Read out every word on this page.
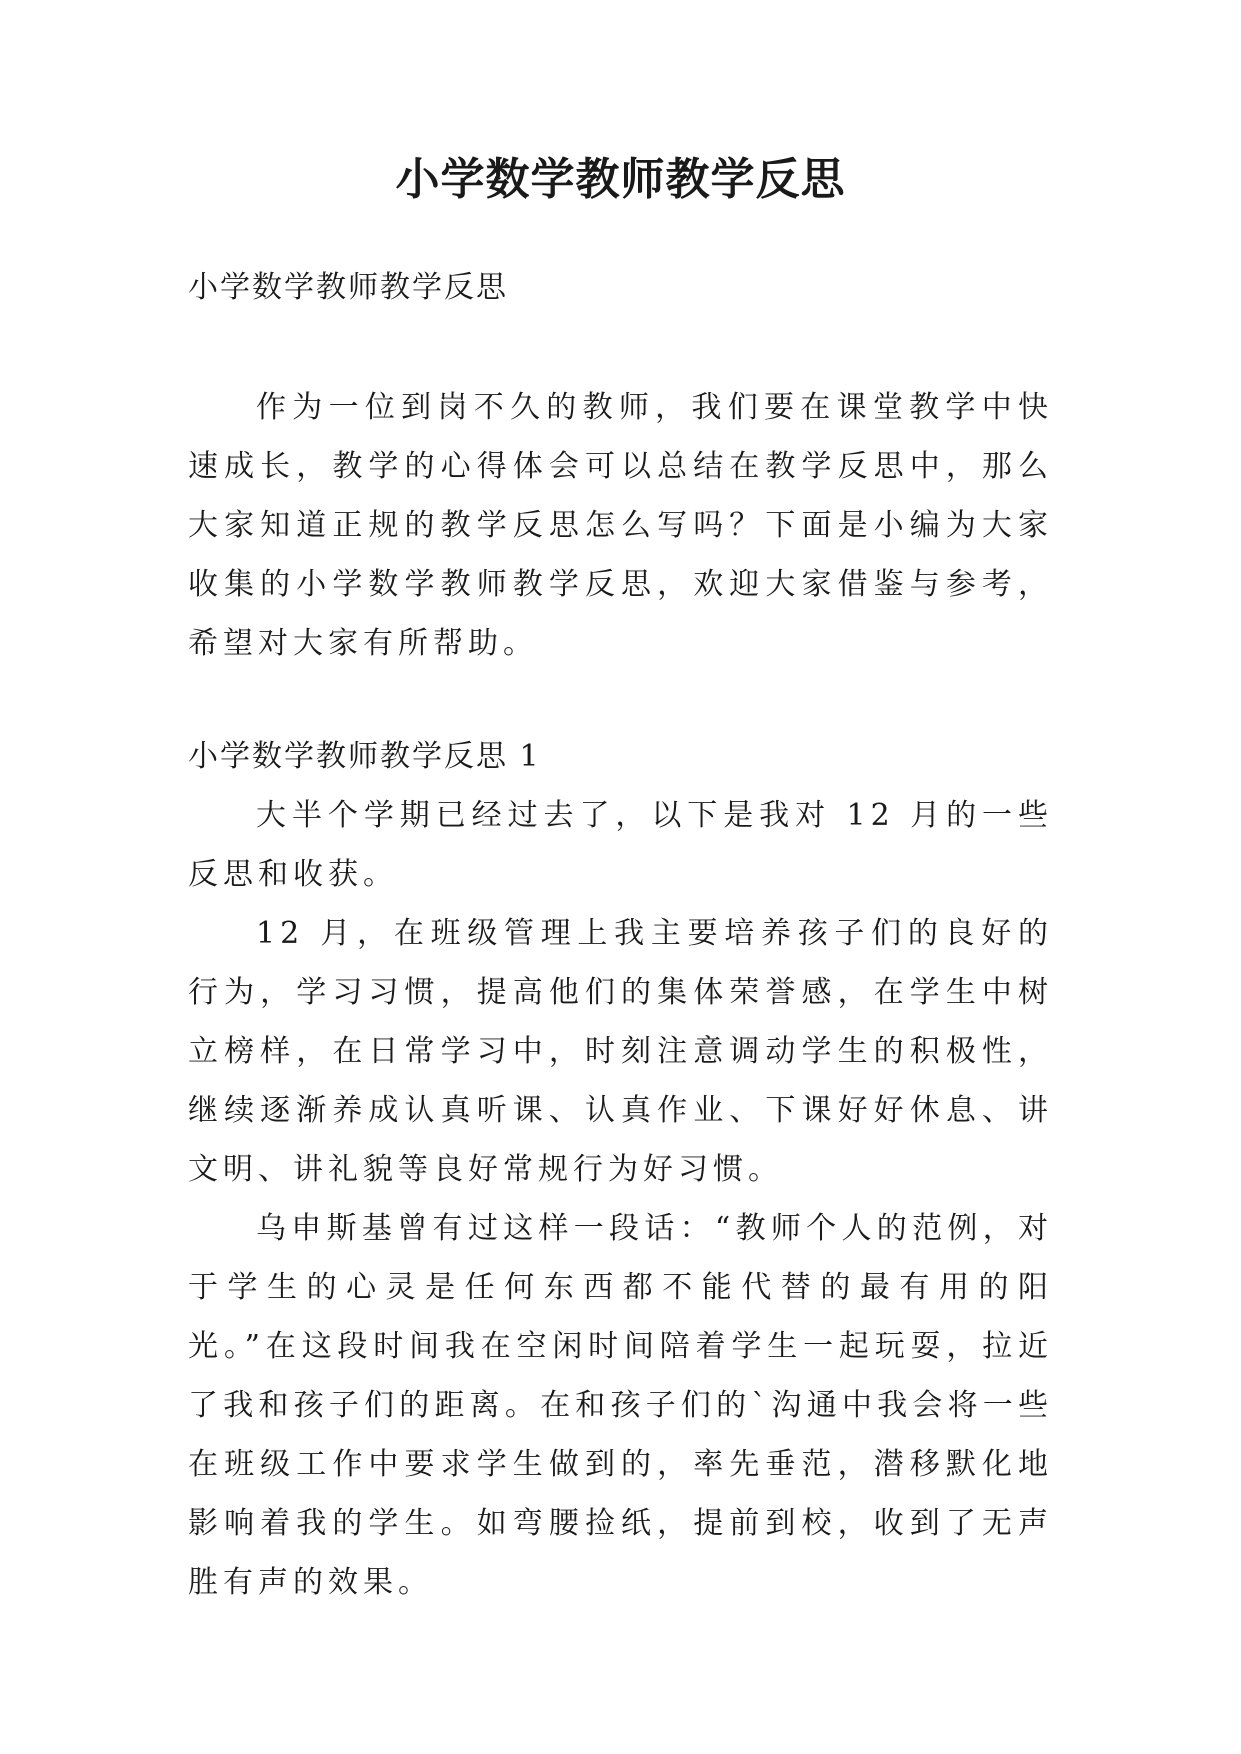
小学数学教师教学反思

小学数学教师教学反思

作为一位到岗不久的教师，我们要在课堂教学中快速成长，教学的心得体会可以总结在教学反思中，那么大家知道正规的教学反思怎么写吗？下面是小编为大家收集的小学数学教师教学反思，欢迎大家借鉴与参考，希望对大家有所帮助。

小学数学教师教学反思 1

大半个学期已经过去了，以下是我对 12 月的一些反思和收获。

12 月，在班级管理上我主要培养孩子们的良好的行为，学习习惯，提高他们的集体荣誉感，在学生中树立榜样，在日常学习中，时刻注意调动学生的积极性，继续逐渐养成认真听课、认真作业、下课好好休息、讲文明、讲礼貌等良好常规行为好习惯。

乌申斯基曾有过这样一段话：“教师个人的范例，对于学生的心灵是任何东西都不能代替的最有用的阳光。”在这段时间我在空闲时间陪着学生一起玩耍，拉近了我和孩子们的距离。在和孩子们的`沟通中我会将一些在班级工作中要求学生做到的，率先垂范，潜移默化地影响着我的学生。如弯腰捡纸，提前到校，收到了无声胜有声的效果。
